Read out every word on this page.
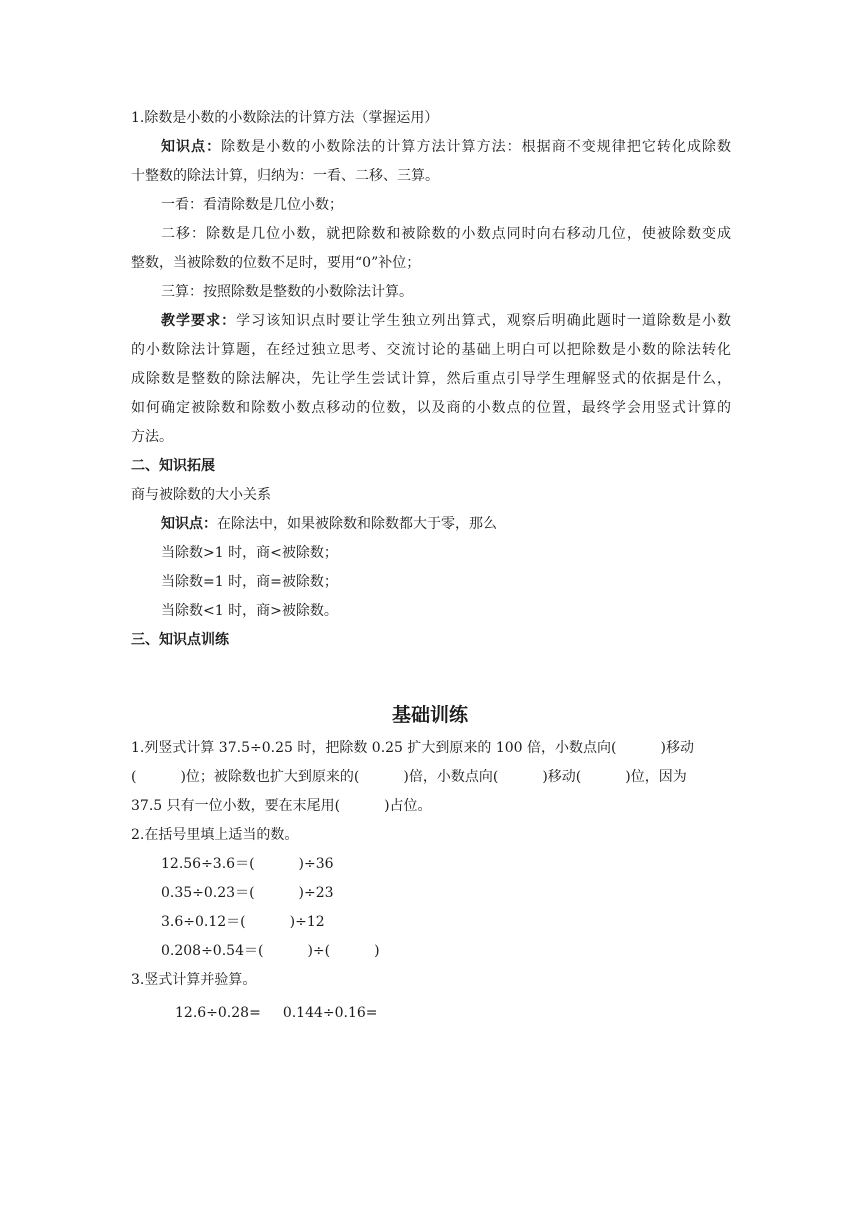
1.除数是小数的小数除法的计算方法（掌握运用）
知识点：除数是小数的小数除法的计算方法计算方法：根据商不变规律把它转化成除数
十整数的除法计算，归纳为：一看、二移、三算。
一看：看清除数是几位小数；
二移：除数是几位小数，就把除数和被除数的小数点同时向右移动几位，使被除数变成
整数，当被除数的位数不足时，要用“0”补位；
三算：按照除数是整数的小数除法计算。
教学要求：学习该知识点时要让学生独立列出算式，观察后明确此题时一道除数是小数
的小数除法计算题，在经过独立思考、交流讨论的基础上明白可以把除数是小数的除法转化
成除数是整数的除法解决，先让学生尝试计算，然后重点引导学生理解竖式的依据是什么，
如何确定被除数和除数小数点移动的位数，以及商的小数点的位置，最终学会用竖式计算的
方法。
二、知识拓展
商与被除数的大小关系
知识点：在除法中，如果被除数和除数都大于零，那么
当除数>1 时，商<被除数；
当除数=1 时，商=被除数；
当除数<1 时，商>被除数。
三、知识点训练
基础训练
1.列竖式计算 37.5÷0.25 时，把除数 0.25 扩大到原来的 100 倍，小数点向(	)移动
(	)位；被除数也扩大到原来的(	)倍，小数点向(	)移动(	)位，因为
37.5 只有一位小数，要在末尾用(	)占位。
2.在括号里填上适当的数。
12.56÷3.6＝(	)÷36
0.35÷0.23＝(	)÷23
3.6÷0.12＝(	)÷12
0.208÷0.54＝(	)÷(	)
3.竖式计算并验算。
12.6÷0.28= 0.144÷0.16=
